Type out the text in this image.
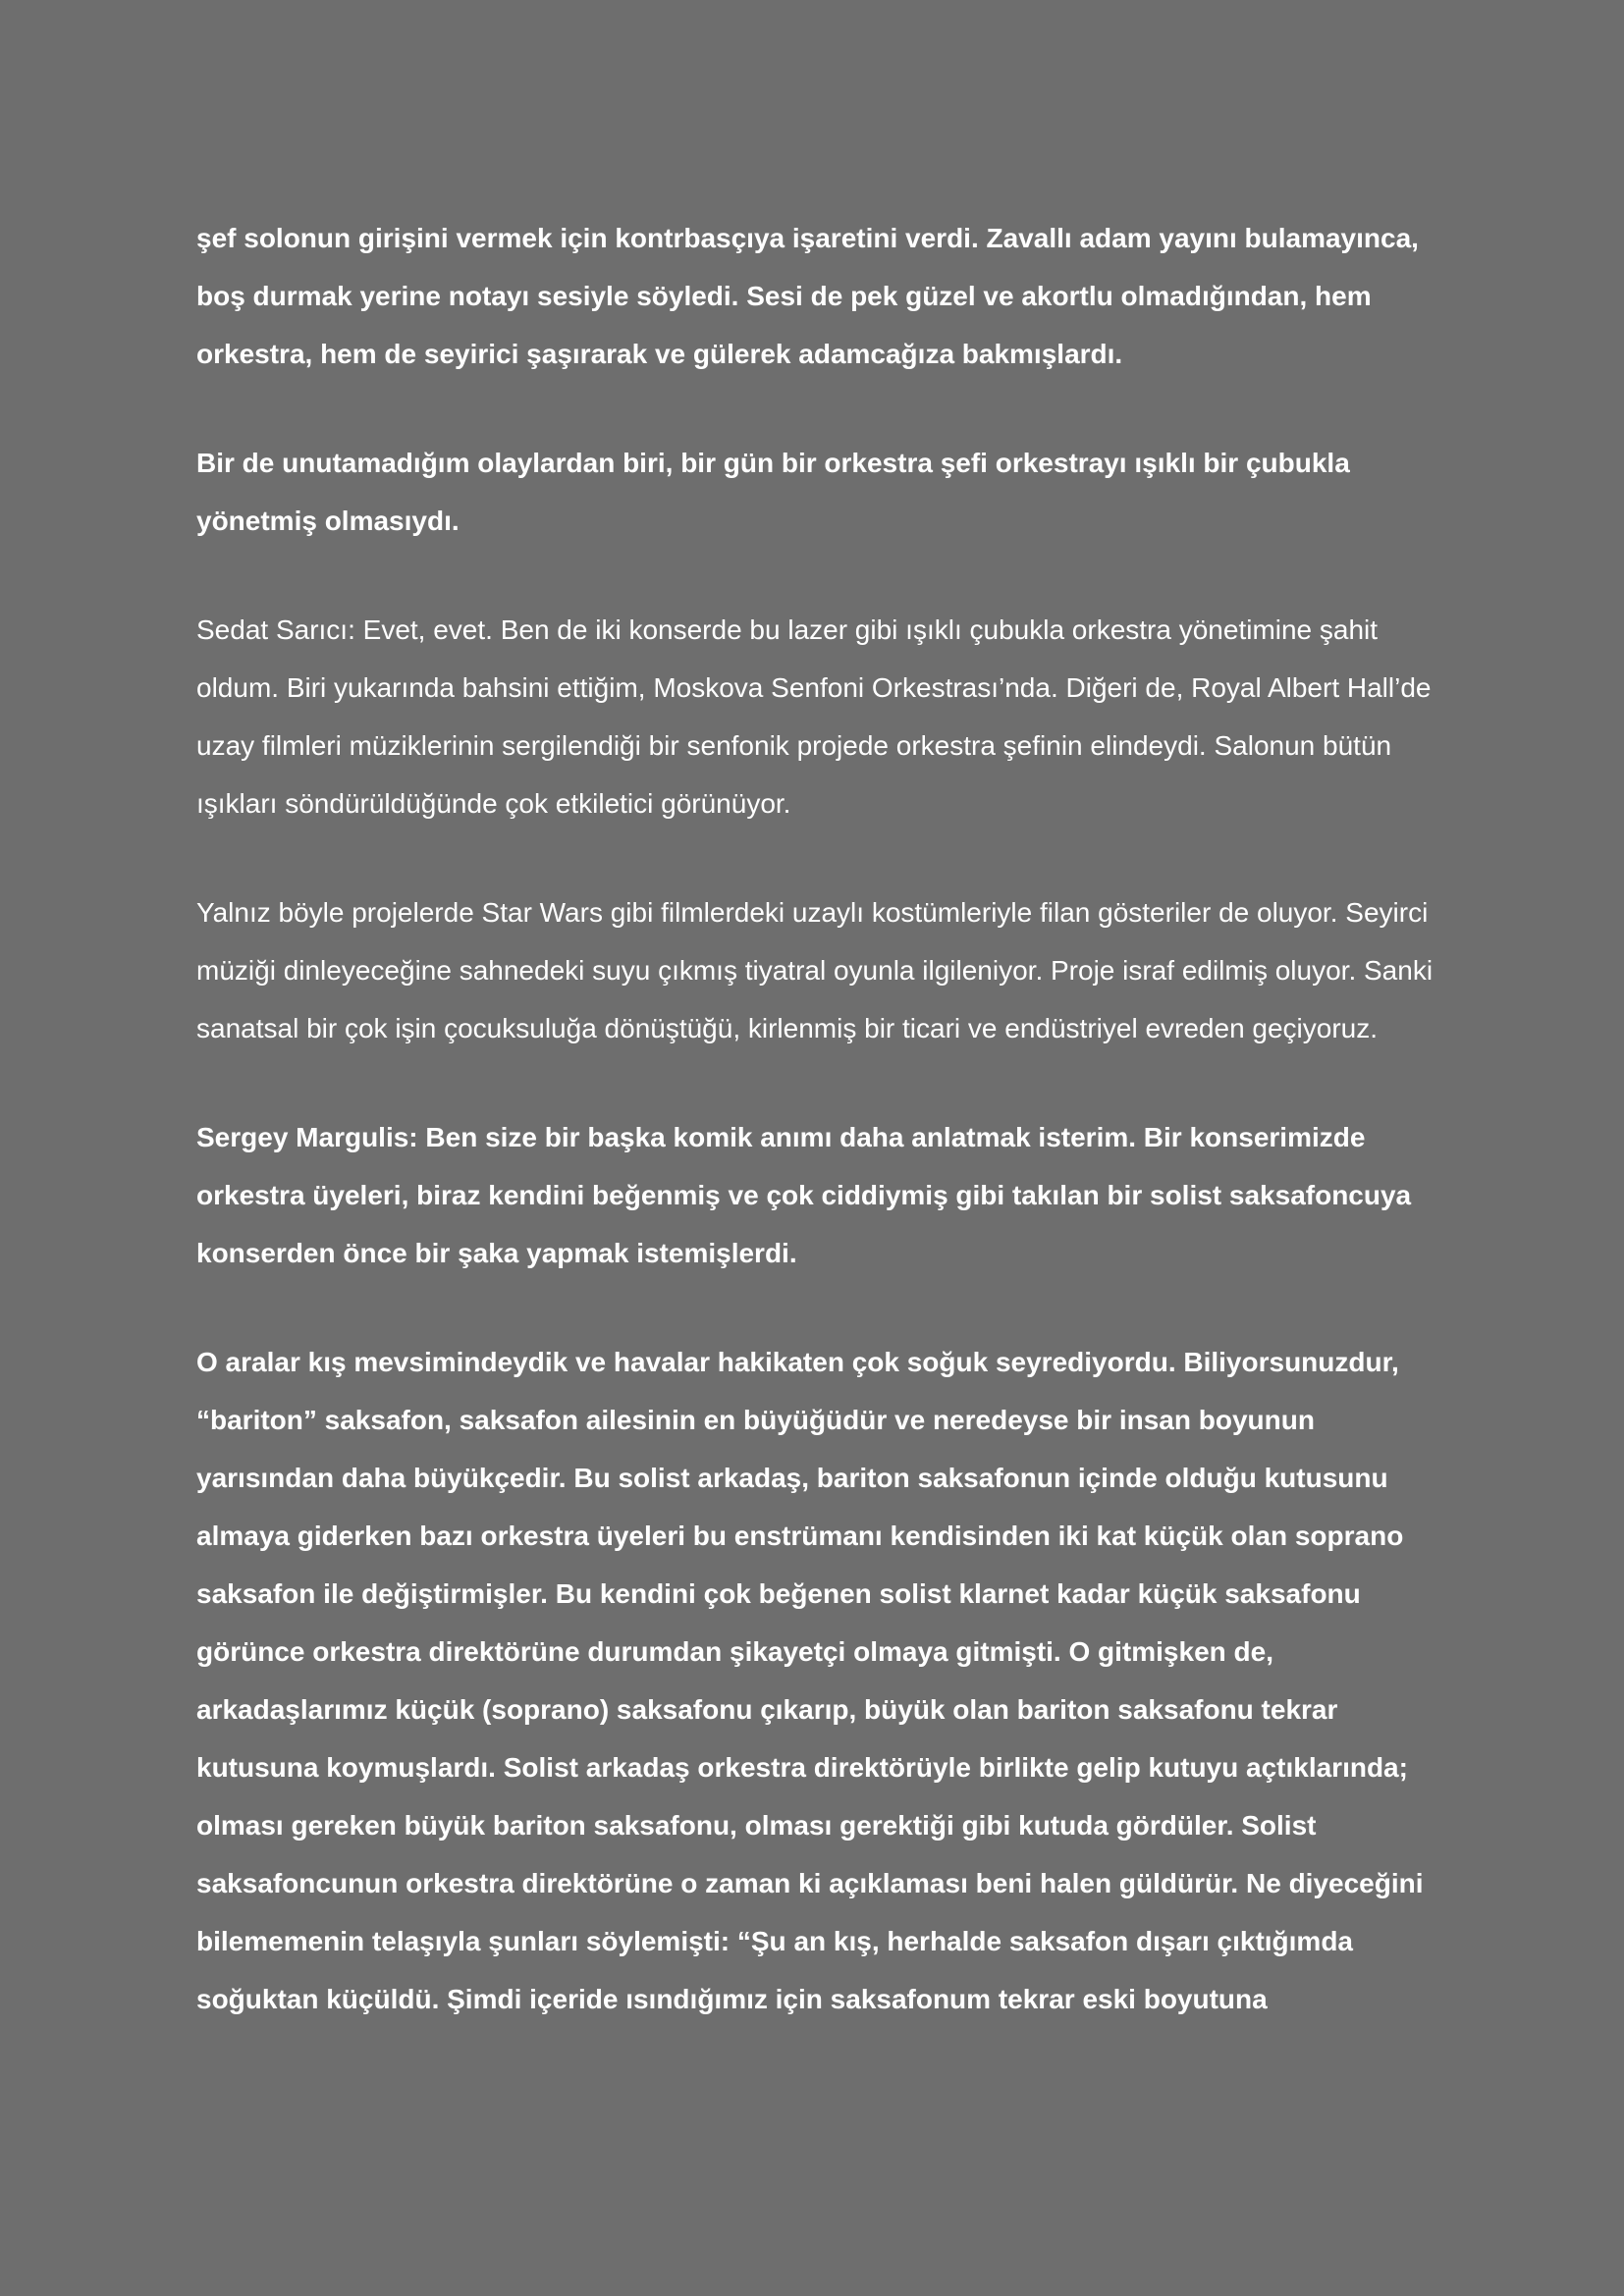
şef solonun girişini vermek için kontrbasçıya işaretini verdi. Zavallı adam yayını bulamayınca,
boş durmak yerine notayı sesiyle söyledi. Sesi de pek güzel ve akortlu olmadığından, hem
orkestra, hem de seyirici şaşırarak ve gülerek adamcağıza bakmışlardı.

Bir de unutamadığım olaylardan biri, bir gün bir orkestra şefi orkestrayı ışıklı bir çubukla
yönetmiş olmasıydı.

Sedat Sarıcı: Evet, evet. Ben de iki konserde bu lazer gibi ışıklı çubukla orkestra yönetimine şahit
oldum. Biri yukarında bahsini ettiğim, Moskova Senfoni Orkestrası’nda. Diğeri de, Royal Albert Hall’de
uzay filmleri müziklerinin sergilendiği bir senfonik projede orkestra şefinin elindeydi. Salonun bütün
ışıkları söndürüldüğünde çok etkiletici görünüyor.

Yalnız böyle projelerde Star Wars gibi filmlerdeki uzaylı kostümleriyle filan gösteriler de oluyor. Seyirci
müziği dinleyeceğine sahnedeki suyu çıkmış tiyatral oyunla ilgileniyor. Proje israf edilmiş oluyor. Sanki
sanatsal bir çok işin çocuksuluğa dönüştüğü, kirlenmiş bir ticari ve endüstriyel evreden geçiyoruz.

Sergey Margulis: Ben size bir başka komik anımı daha anlatmak isterim. Bir konserimizde
orkestra üyeleri, biraz kendini beğenmiş ve çok ciddiymiş gibi takılan bir solist saksafoncuya
konserden önce bir şaka yapmak istemişlerdi.

O aralar kış mevsimindeydik ve havalar hakikaten çok soğuk seyrediyordu. Biliyorsunuzdur,
“bariton” saksafon, saksafon ailesinin en büyüğüdür ve neredeyse bir insan boyunun
yarısından daha büyükçedir. Bu solist arkadaş, bariton saksafonun içinde olduğu kutusunu
almaya giderken bazı orkestra üyeleri bu enstrümanı kendisinden iki kat küçük olan soprano
saksafon ile değiştirmişler. Bu kendini çok beğenen solist klarnet kadar küçük saksafonu
görünce orkestra direktörüne durumdan şikayetçi olmaya gitmişti. O gitmişken de,
arkadaşlarımız küçük (soprano) saksafonu çıkarıp, büyük olan bariton saksafonu tekrar
kutusuna koymuşlardı. Solist arkadaş orkestra direktörüyle birlikte gelip kutuyu açtıklarında;
olması gereken büyük bariton saksafonu, olması gerektiği gibi kutuda gördüler. Solist
saksafoncunun orkestra direktörüne o zaman ki açıklaması beni halen güldürür. Ne diyeceğini
bilememenin telaşıyla şunları söylemişti: “Şu an kış, herhalde saksafon dışarı çıktığımda
soğuktan küçüldü. Şimdi içeride ısındığımız için saksafonum tekrar eski boyutuna
